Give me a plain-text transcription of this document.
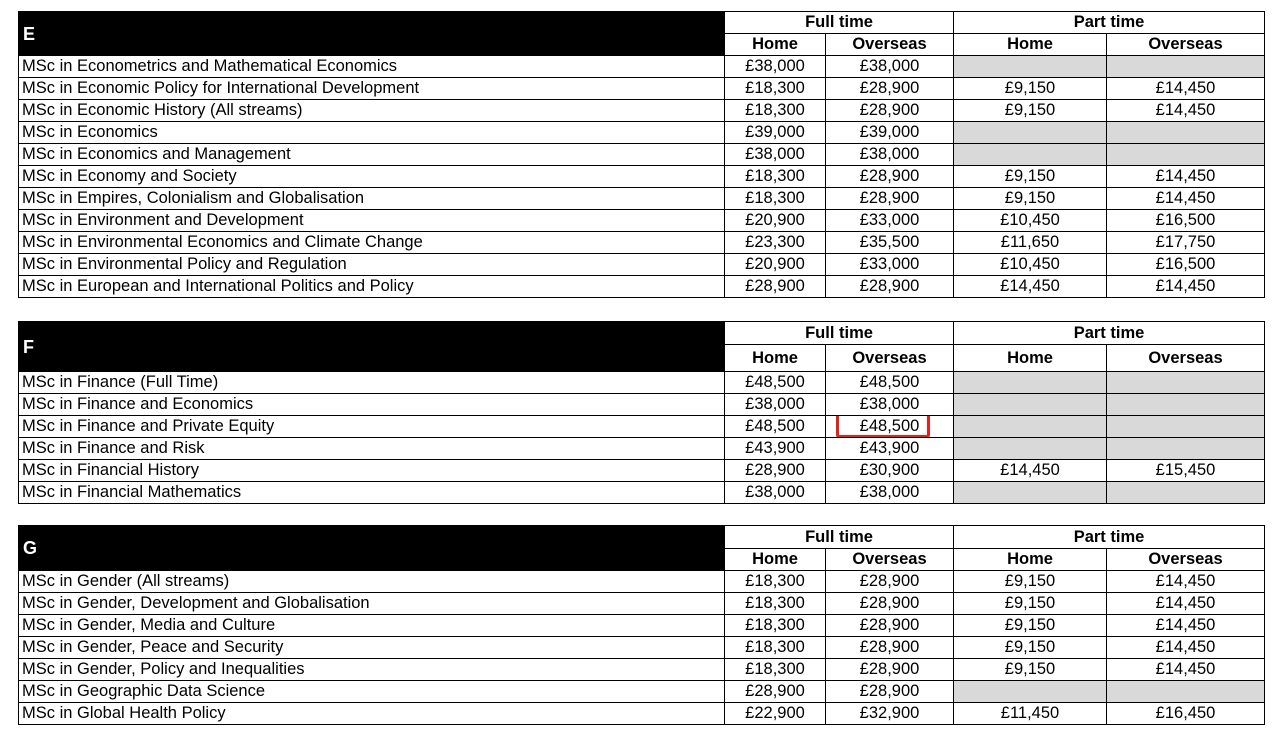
E	Full time		Part time	
	Home	Overseas	Home	Overseas
MSc in Econometrics and Mathematical Economics	£38,000	£38,000		
MSc in Economic Policy for International Development	£18,300	£28,900	£9,150	£14,450
MSc in Economic History (All streams)	£18,300	£28,900	£9,150	£14,450
MSc in Economics	£39,000	£39,000		
MSc in Economics and Management	£38,000	£38,000		
MSc in Economy and Society	£18,300	£28,900	£9,150	£14,450
MSc in Empires, Colonialism and Globalisation	£18,300	£28,900	£9,150	£14,450
MSc in Environment and Development	£20,900	£33,000	£10,450	£16,500
MSc in Environmental Economics and Climate Change	£23,300	£35,500	£11,650	£17,750
MSc in Environmental Policy and Regulation	£20,900	£33,000	£10,450	£16,500
MSc in European and International Politics and Policy	£28,900	£28,900	£14,450	£14,450
F	Full time		Part time	
	Home	Overseas	Home	Overseas
MSc in Finance (Full Time)	£48,500	£48,500		
MSc in Finance and Economics	£38,000	£38,000		
MSc in Finance and Private Equity	£48,500	£48,500		
MSc in Finance and Risk	£43,900	£43,900		
MSc in Financial History	£28,900	£30,900	£14,450	£15,450
MSc in Financial Mathematics	£38,000	£38,000		
G	Full time		Part time	
	Home	Overseas	Home	Overseas
MSc in Gender (All streams)	£18,300	£28,900	£9,150	£14,450
MSc in Gender, Development and Globalisation	£18,300	£28,900	£9,150	£14,450
MSc in Gender, Media and Culture	£18,300	£28,900	£9,150	£14,450
MSc in Gender, Peace and Security	£18,300	£28,900	£9,150	£14,450
MSc in Gender, Policy and Inequalities	£18,300	£28,900	£9,150	£14,450
MSc in Geographic Data Science	£28,900	£28,900		
MSc in Global Health Policy	£22,900	£32,900	£11,450	£16,450
